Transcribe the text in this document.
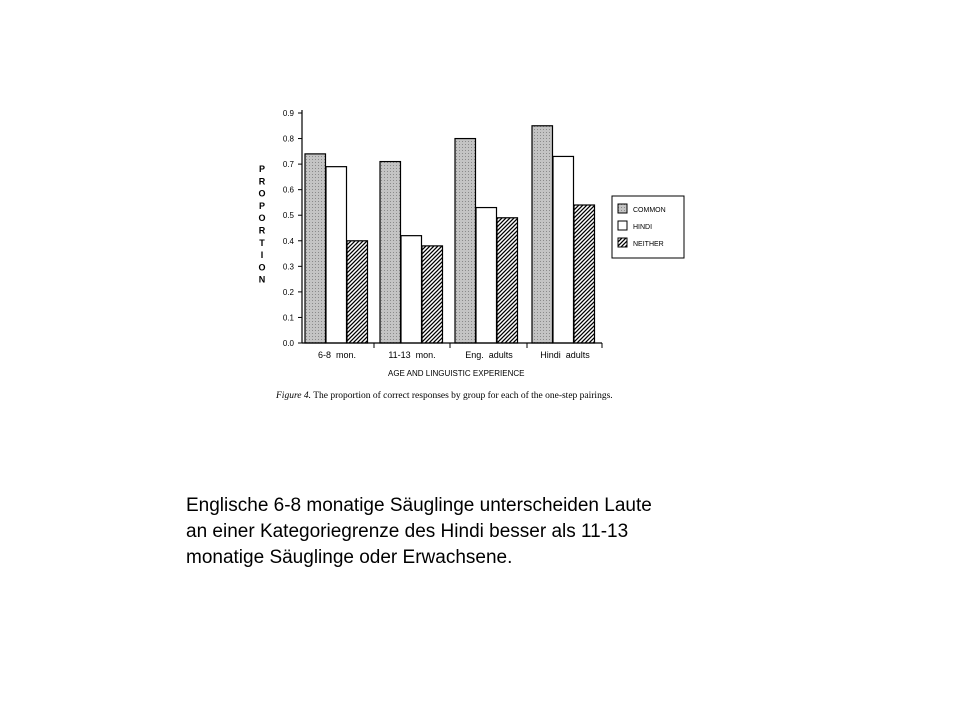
P R O P O R T I O N
0.0
0.1
0.2
0.3
0.4
0.5
0.6
0.7
0.8
0.9
6-8  mon.	11-13  mon.	Eng.  adults	Hindi  adults
AGE AND LINGUISTIC EXPERIENCE
COMMON
HINDI
NEITHER
Figure 4. The proportion of correct responses by group for each of the one-step pairings.

Englische 6-8 monatige Säuglinge unterscheiden Laute

an einer Kategoriegrenze des Hindi besser als 11-13

monatige Säuglinge oder Erwachsene.
